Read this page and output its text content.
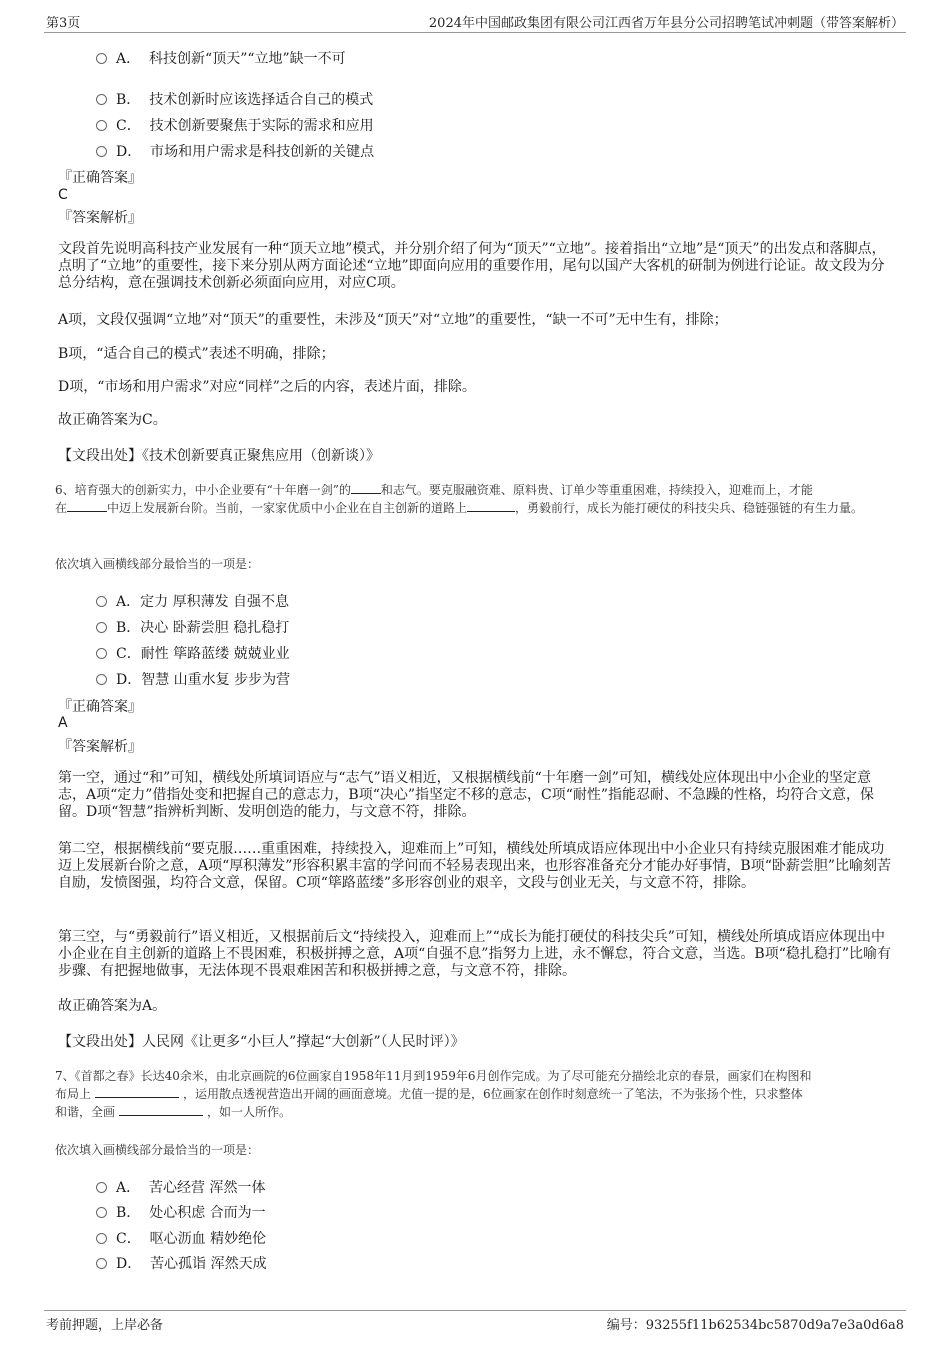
第3页	2024年中国邮政集团有限公司江西省万年县分公司招聘笔试冲刺题（带答案解析）
A． 科技创新“顶天”“立地”缺一不可
B． 技术创新时应该选择适合自己的模式
C． 技术创新要聚焦于实际的需求和应用
D． 市场和用户需求是科技创新的关键点
『正确答案』
C
『答案解析』
文段首先说明高科技产业发展有一种“顶天立地”模式，并分别介绍了何为“顶天”“立地”。接着指出“立地”是“顶天”的出发点和落脚点，点明了“立地”的重要性，接下来分别从两方面论述“立地”即面向应用的重要作用，尾句以国产大客机的研制为例进行论证。故文段为分总分结构，意在强调技术创新必须面向应用，对应C项。
A项，文段仅强调“立地”对“顶天”的重要性，未涉及“顶天”对“立地”的重要性，“缺一不可”无中生有，排除；
B项，“适合自己的模式”表述不明确，排除；
D项，“市场和用户需求”对应“同样”之后的内容，表述片面，排除。
故正确答案为C。
【文段出处】《技术创新要真正聚焦应用（创新谈）》
6、培育强大的创新实力，中小企业要有“十年磨一剑”的	和志气。要克服融资难、原料贵、订单少等重重困难，持续投入，迎难而上，才能
在	中迈上发展新台阶。当前，一家家优质中小企业在自主创新的道路上	，勇毅前行，成长为能打硬仗的科技尖兵、稳链强链的有生力量。
依次填入画横线部分最恰当的一项是：
A．定力 厚积薄发 自强不息
B．决心 卧薪尝胆 稳扎稳打
C．耐性 筚路蓝缕 兢兢业业
D．智慧 山重水复 步步为营
『正确答案』
A
『答案解析』
第一空，通过“和”可知，横线处所填词语应与“志气”语义相近，又根据横线前“十年磨一剑”可知，横线处应体现出中小企业的坚定意志，A项“定力”借指处变和把握自己的意志力，B项“决心”指坚定不移的意志，C项“耐性”指能忍耐、不急躁的性格，均符合文意，保留。D项“智慧”指辨析判断、发明创造的能力，与文意不符，排除。
第二空，根据横线前“要克服……重重困难，持续投入，迎难而上”可知，横线处所填成语应体现出中小企业只有持续克服困难才能成功迈上发展新台阶之意，A项“厚积薄发”形容积累丰富的学问而不轻易表现出来，也形容准备充分才能办好事情，B项“卧薪尝胆”比喻刻苦自励，发愤图强，均符合文意，保留。C项“筚路蓝缕”多形容创业的艰辛，文段与创业无关，与文意不符，排除。
第三空，与“勇毅前行”语义相近，又根据前后文“持续投入，迎难而上”“成长为能打硬仗的科技尖兵”可知，横线处所填成语应体现出中小企业在自主创新的道路上不畏困难，积极拼搏之意，A项“自强不息”指努力上进，永不懈怠，符合文意，当选。B项“稳扎稳打”比喻有步骤、有把握地做事，无法体现不畏艰难困苦和积极拼搏之意，与文意不符，排除。
故正确答案为A。
【文段出处】人民网《让更多“小巨人”撑起“大创新”（人民时评）》
7、《首都之春》长达40余米，由北京画院的6位画家自1958年11月到1959年6月创作完成。为了尽可能充分描绘北京的春景，画家们在构图和
布局上	，运用散点透视营造出开阔的画面意境。尤值一提的是，6位画家在创作时刻意统一了笔法，不为张扬个性，只求整体
和谐，全画	，如一人所作。
依次填入画横线部分最恰当的一项是：
A． 苦心经营 浑然一体
B． 处心积虑 合而为一
C． 呕心沥血 精妙绝伦
D． 苦心孤诣 浑然天成
考前押题，上岸必备	编号：93255f11b62534bc5870d9a7e3a0d6a8
